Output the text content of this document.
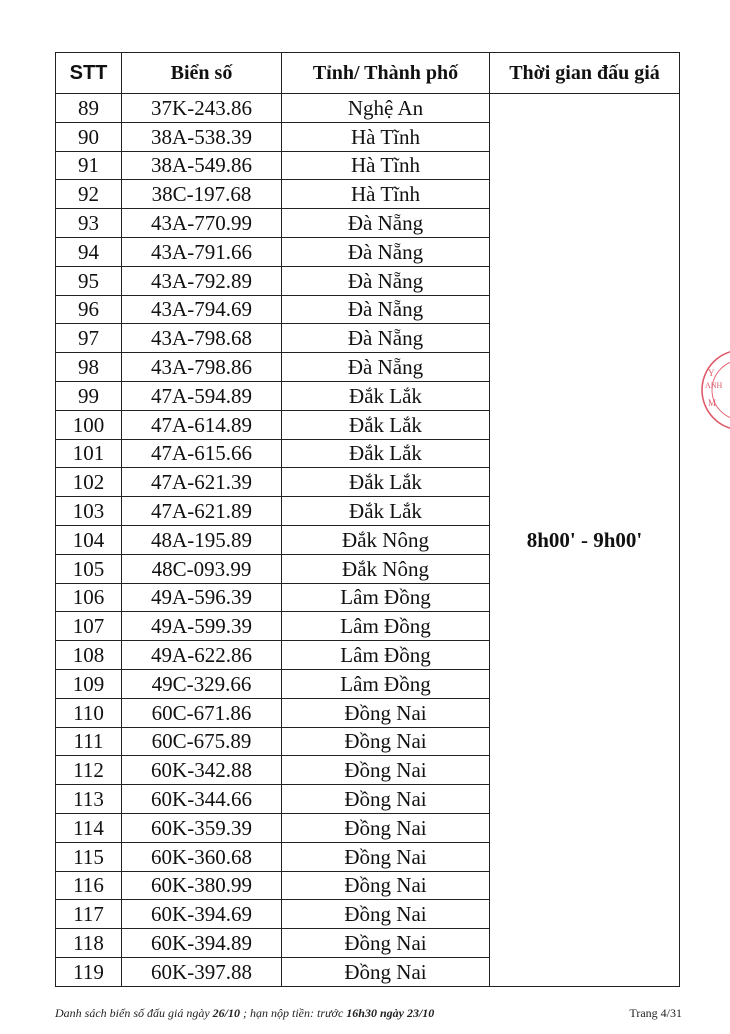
STT	Biển số	Tỉnh/ Thành phố	Thời gian đấu giá
89	37K-243.86	Nghệ An	8h00' - 9h00'
90	38A-538.39	Hà Tĩnh	
91	38A-549.86	Hà Tĩnh	
92	38C-197.68	Hà Tĩnh	
93	43A-770.99	Đà Nẵng	
94	43A-791.66	Đà Nẵng	
95	43A-792.89	Đà Nẵng	
96	43A-794.69	Đà Nẵng	
97	43A-798.68	Đà Nẵng	
98	43A-798.86	Đà Nẵng	
99	47A-594.89	Đắk Lắk	
100	47A-614.89	Đắk Lắk	
101	47A-615.66	Đắk Lắk	
102	47A-621.39	Đắk Lắk	
103	47A-621.89	Đắk Lắk	
104	48A-195.89	Đắk Nông	
105	48C-093.99	Đắk Nông	
106	49A-596.39	Lâm Đồng	
107	49A-599.39	Lâm Đồng	
108	49A-622.86	Lâm Đồng	
109	49C-329.66	Lâm Đồng	
110	60C-671.86	Đồng Nai	
111	60C-675.89	Đồng Nai	
112	60K-342.88	Đồng Nai	
113	60K-344.66	Đồng Nai	
114	60K-359.39	Đồng Nai	
115	60K-360.68	Đồng Nai	
116	60K-380.99	Đồng Nai	
117	60K-394.69	Đồng Nai	
118	60K-394.89	Đồng Nai	
119	60K-397.88	Đồng Nai	
Y
ANH
M
Danh sách biển số đấu giá ngày 26/10 ; hạn nộp tiền: trước 16h30 ngày 23/10	Trang 4/31
